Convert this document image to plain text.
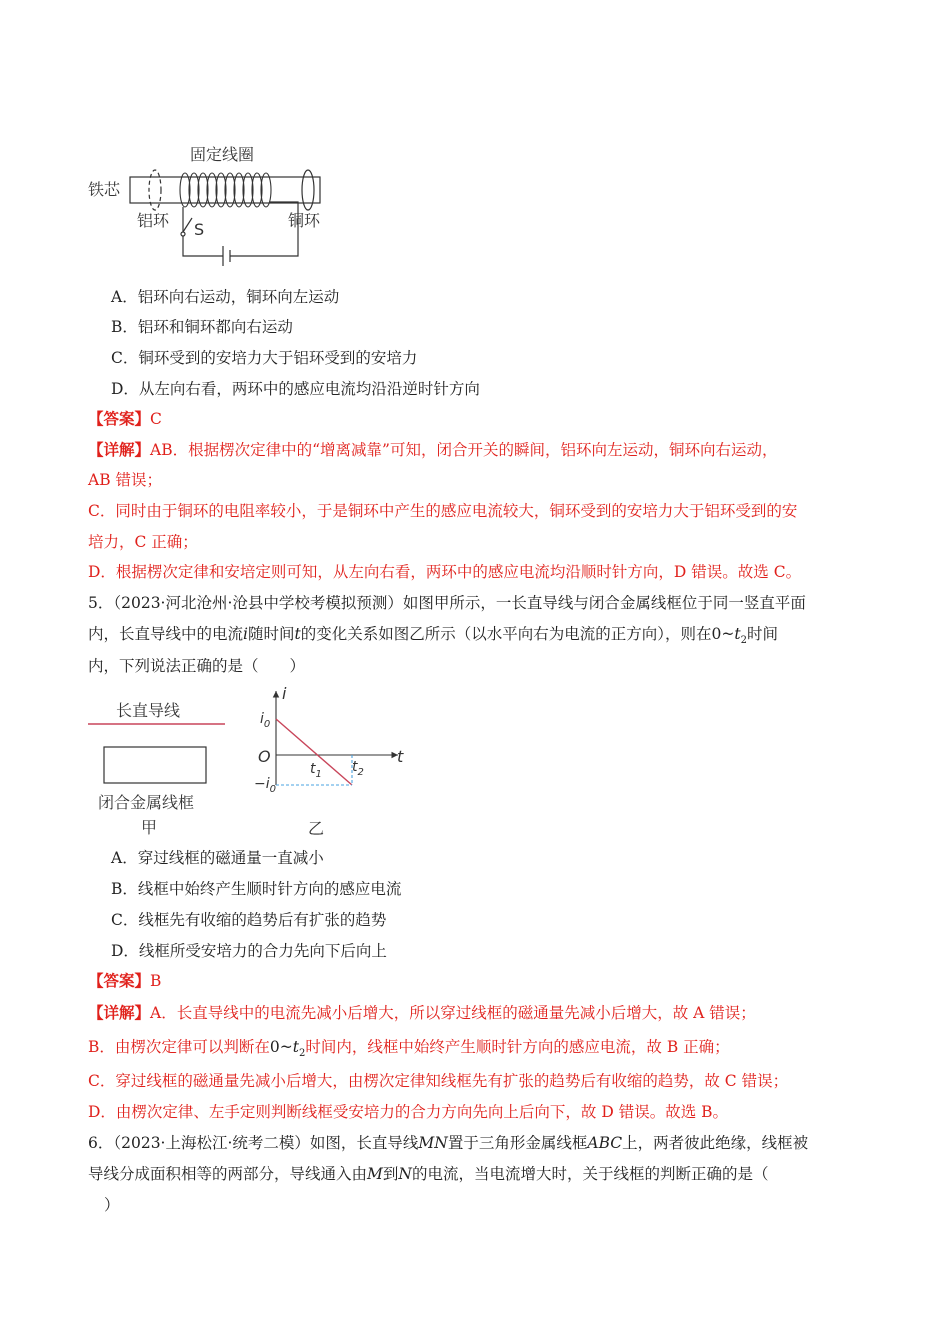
固定线圈
铁芯
铝环	铜环
S
A．铝环向右运动，铜环向左运动
B．铝环和铜环都向右运动
C．铜环受到的安培力大于铝环受到的安培力
D．从左向右看，两环中的感应电流均沿沿逆时针方向
【答案】C
【详解】AB．根据楞次定律中的“增离减靠”可知，闭合开关的瞬间，铝环向左运动，铜环向右运动，
AB 错误；
C．同时由于铜环的电阻率较小，于是铜环中产生的感应电流较大，铜环受到的安培力大于铝环受到的安
培力，C 正确；
D．根据楞次定律和安培定则可知，从左向右看，两环中的感应电流均沿顺时针方向，D 错误。故选 C。
5．（2023·河北沧州·沧县中学校考模拟预测）如图甲所示，一长直导线与闭合金属线框位于同一竖直平面
内，长直导线中的电流i随时间t的变化关系如图乙所示（以水平向右为电流的正方向），则在$0\sim t_2$时间
内，下列说法正确的是（　　）
长直导线
闭合金属线框
甲
i
t
O
$i_0$
$-i_0$
$t_1$ $t_2$
乙
A．穿过线框的磁通量一直减小
B．线框中始终产生顺时针方向的感应电流
C．线框先有收缩的趋势后有扩张的趋势
D．线框所受安培力的合力先向下后向上
【答案】B
【详解】A．长直导线中的电流先减小后增大，所以穿过线框的磁通量先减小后增大，故 A 错误；
B．由楞次定律可以判断在$0\sim t_2$时间内，线框中始终产生顺时针方向的感应电流，故 B 正确；
C．穿过线框的磁通量先减小后增大，由楞次定律知线框先有扩张的趋势后有收缩的趋势，故 C 错误；
D．由楞次定律、左手定则判断线框受安培力的合力方向先向上后向下，故 D 错误。故选 B。
6．（2023·上海松江·统考二模）如图，长直导线MN置于三角形金属线框ABC上，两者彼此绝缘，线框被
导线分成面积相等的两部分，导线通入由M到N的电流，当电流增大时，关于线框的判断正确的是（
）
